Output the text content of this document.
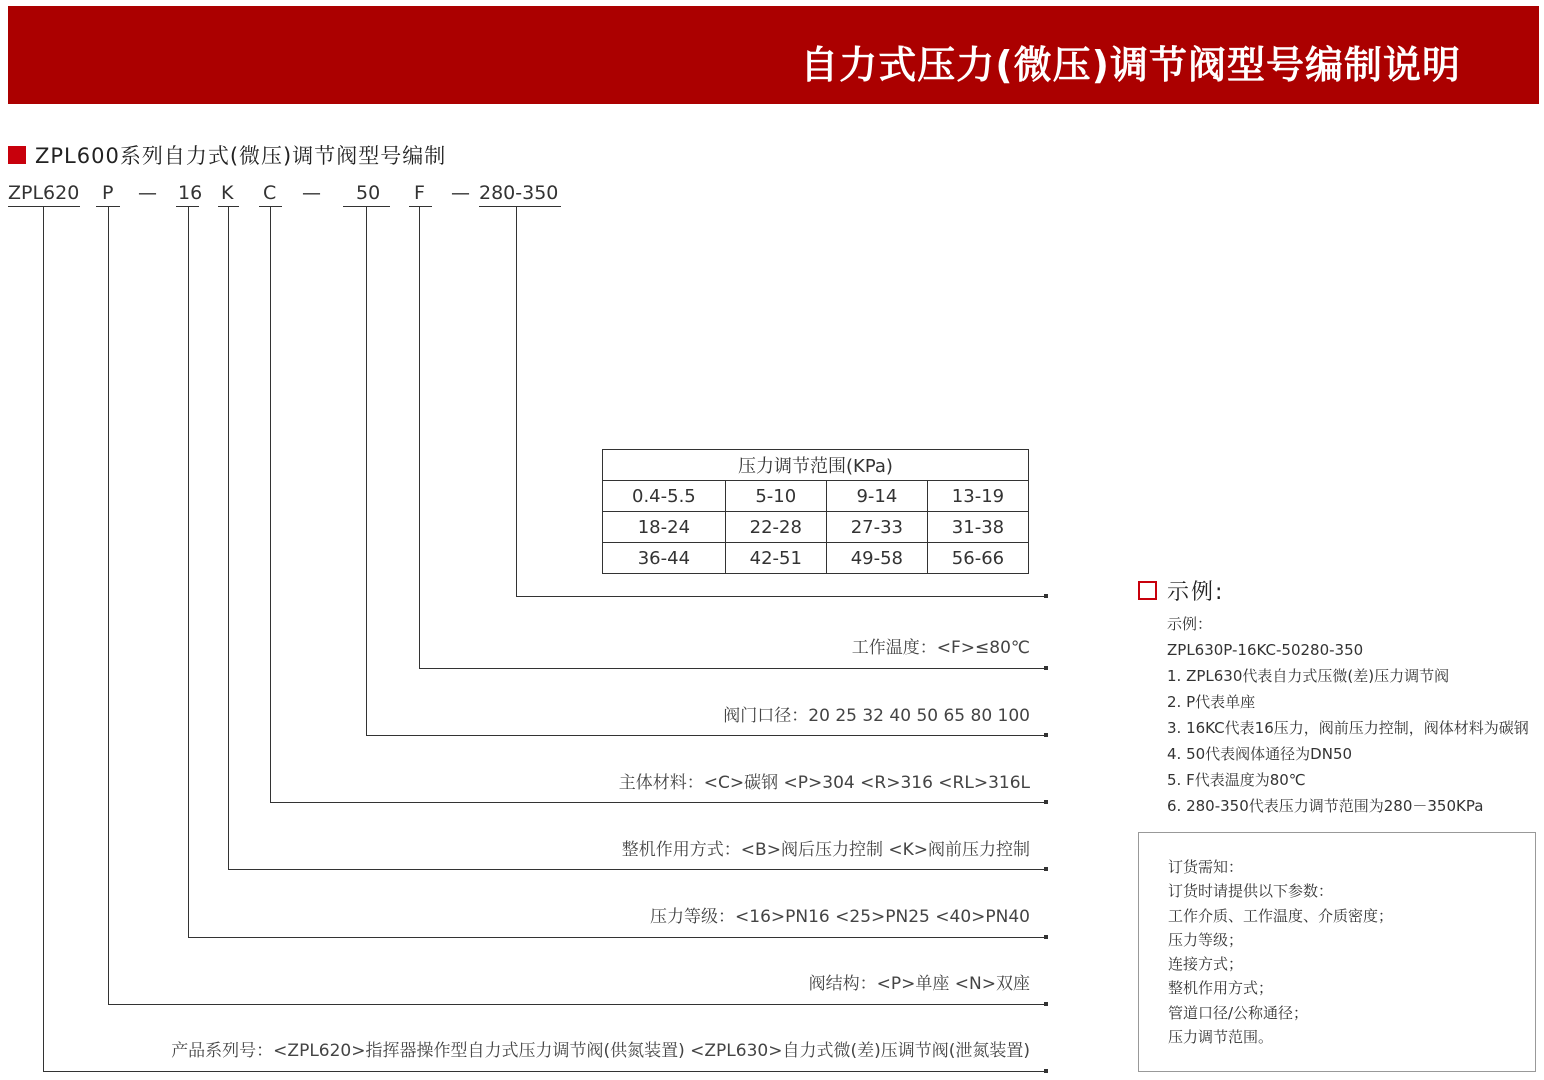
自力式压力(微压)调节阀型号编制说明
ZPL600系列自力式(微压)调节阀型号编制
ZPL620 P — 16 K C — 50 F — 280-350
压力调节范围(KPa)			
0.4-5.5	5-10	9-14	13-19
18-24	22-28	27-33	31-38
36-44	42-51	49-58	56-66
工作温度：<F>≤80℃
阀门口径：20 25 32 40 50 65 80 100
主体材料：<C>碳钢 <P>304 <R>316 <RL>316L
整机作用方式：<B>阀后压力控制 <K>阀前压力控制
压力等级：<16>PN16 <25>PN25 <40>PN40
阀结构：<P>单座 <N>双座
产品系列号：<ZPL620>指挥器操作型自力式压力调节阀(供氮装置) <ZPL630>自力式微(差)压调节阀(泄氮装置)
示例:
示例：
ZPL630P-16KC-50280-350
1. ZPL630代表自力式压微(差)压力调节阀
2. P代表单座
3. 16KC代表16压力，阀前压力控制，阀体材料为碳钢
4. 50代表阀体通径为DN50
5. F代表温度为80℃
6. 280-350代表压力调节范围为280－350KPa
订货需知：
订货时请提供以下参数：
工作介质、工作温度、介质密度；
压力等级；
连接方式；
整机作用方式；
管道口径/公称通径；
压力调节范围。
